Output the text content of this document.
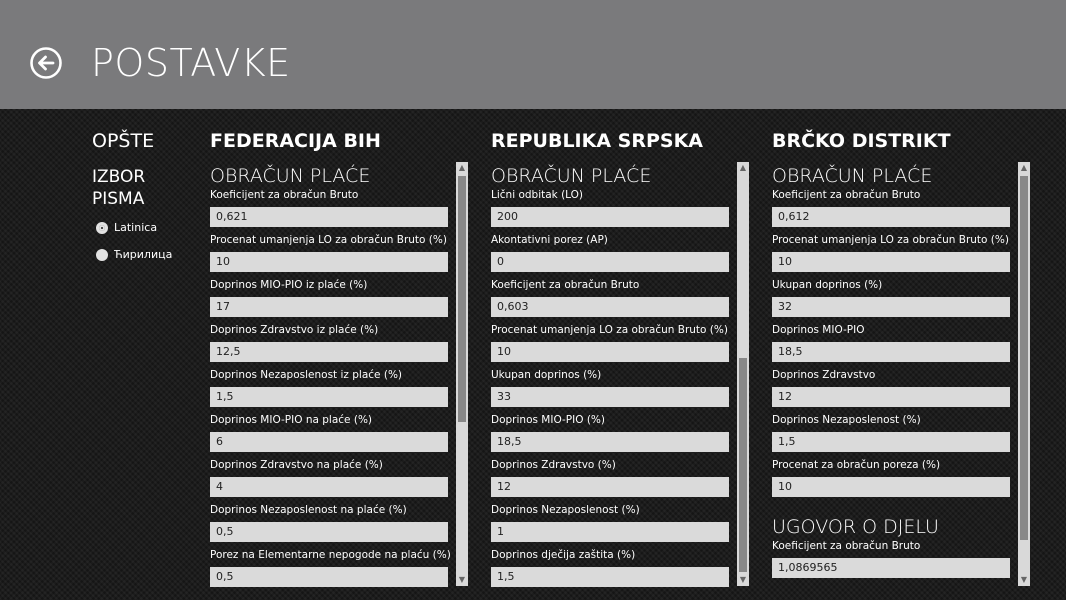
POSTAVKE
OPŠTE
IZBOR PISMA
Latinica
Ћирилица
FEDERACIJA BIH
OBRAČUN PLAĆE
Koeficijent za obračun Bruto
0,621
Procenat umanjenja LO za obračun Bruto (%)
10
Doprinos MIO-PIO iz plaće (%)
17
Doprinos Zdravstvo iz plaće (%)
12,5
Doprinos Nezaposlenost iz plaće (%)
1,5
Doprinos MIO-PIO na plaće (%)
6
Doprinos Zdravstvo na plaće (%)
4
Doprinos Nezaposlenost na plaće (%)
0,5
Porez na Elementarne nepogode na plaću (%)
0,5
▲
▼
REPUBLIKA SRPSKA
OBRAČUN PLAĆE
Lični odbitak (LO)
200
Akontativni porez (AP)
0
Koeficijent za obračun Bruto
0,603
Procenat umanjenja LO za obračun Bruto (%)
10
Ukupan doprinos (%)
33
Doprinos MIO-PIO (%)
18,5
Doprinos Zdravstvo (%)
12
Doprinos Nezaposlenost (%)
1
Doprinos dječija zaštita (%)
1,5
▲
▼
BRČKO DISTRIKT
OBRAČUN PLAĆE
Koeficijent za obračun Bruto
0,612
Procenat umanjenja LO za obračun Bruto (%)
10
Ukupan doprinos (%)
32
Doprinos MIO-PIO
18,5
Doprinos Zdravstvo
12
Doprinos Nezaposlenost (%)
1,5
Procenat za obračun poreza (%)
10
UGOVOR O DJELU
Koeficijent za obračun Bruto
1,0869565
▲
▼
